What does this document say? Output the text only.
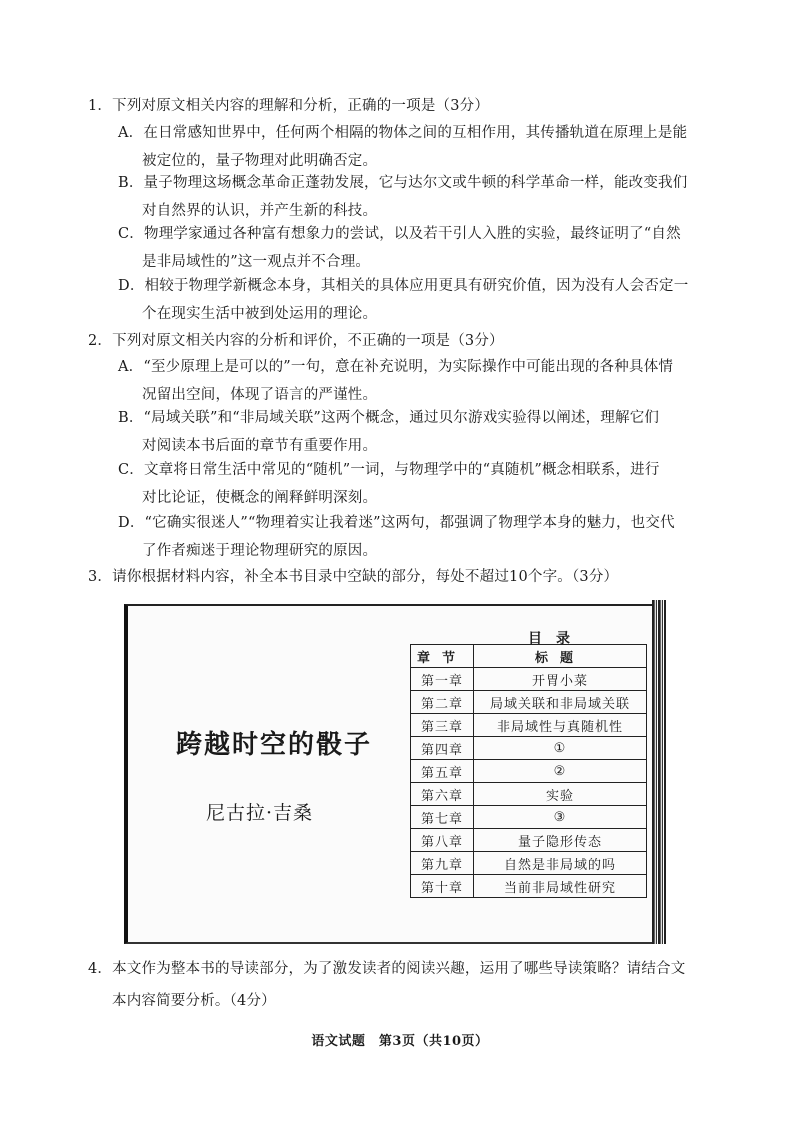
1．下列对原文相关内容的理解和分析，正确的一项是（3分）
A．在日常感知世界中，任何两个相隔的物体之间的互相作用，其传播轨道在原理上是能
被定位的，量子物理对此明确否定。
B．量子物理这场概念革命正蓬勃发展，它与达尔文或牛顿的科学革命一样，能改变我们
对自然界的认识，并产生新的科技。
C．物理学家通过各种富有想象力的尝试，以及若干引人入胜的实验，最终证明了“自然
是非局域性的”这一观点并不合理。
D．相较于物理学新概念本身，其相关的具体应用更具有研究价值，因为没有人会否定一
个在现实生活中被到处运用的理论。
2．下列对原文相关内容的分析和评价，不正确的一项是（3分）
A．“至少原理上是可以的”一句，意在补充说明，为实际操作中可能出现的各种具体情
况留出空间，体现了语言的严谨性。
B．“局域关联”和“非局域关联”这两个概念，通过贝尔游戏实验得以阐述，理解它们
对阅读本书后面的章节有重要作用。
C．文章将日常生活中常见的“随机”一词，与物理学中的“真随机”概念相联系，进行
对比论证，使概念的阐释鲜明深刻。
D．“它确实很迷人”“物理着实让我着迷”这两句，都强调了物理学本身的魅力，也交代
了作者痴迷于理论物理研究的原因。
3．请你根据材料内容，补全本书目录中空缺的部分，每处不超过10个字。（3分）
跨越时空的骰子
尼古拉·吉桑
目录
章节	标题
第一章	开胃小菜
第二章	局域关联和非局域关联
第三章	非局域性与真随机性
第四章	①
第五章	②
第六章	实验
第七章	③
第八章	量子隐形传态
第九章	自然是非局域的吗
第十章	当前非局域性研究
4．本文作为整本书的导读部分，为了激发读者的阅读兴趣，运用了哪些导读策略？请结合文
本内容简要分析。（4分）
语文试题　第3页（共10页）
